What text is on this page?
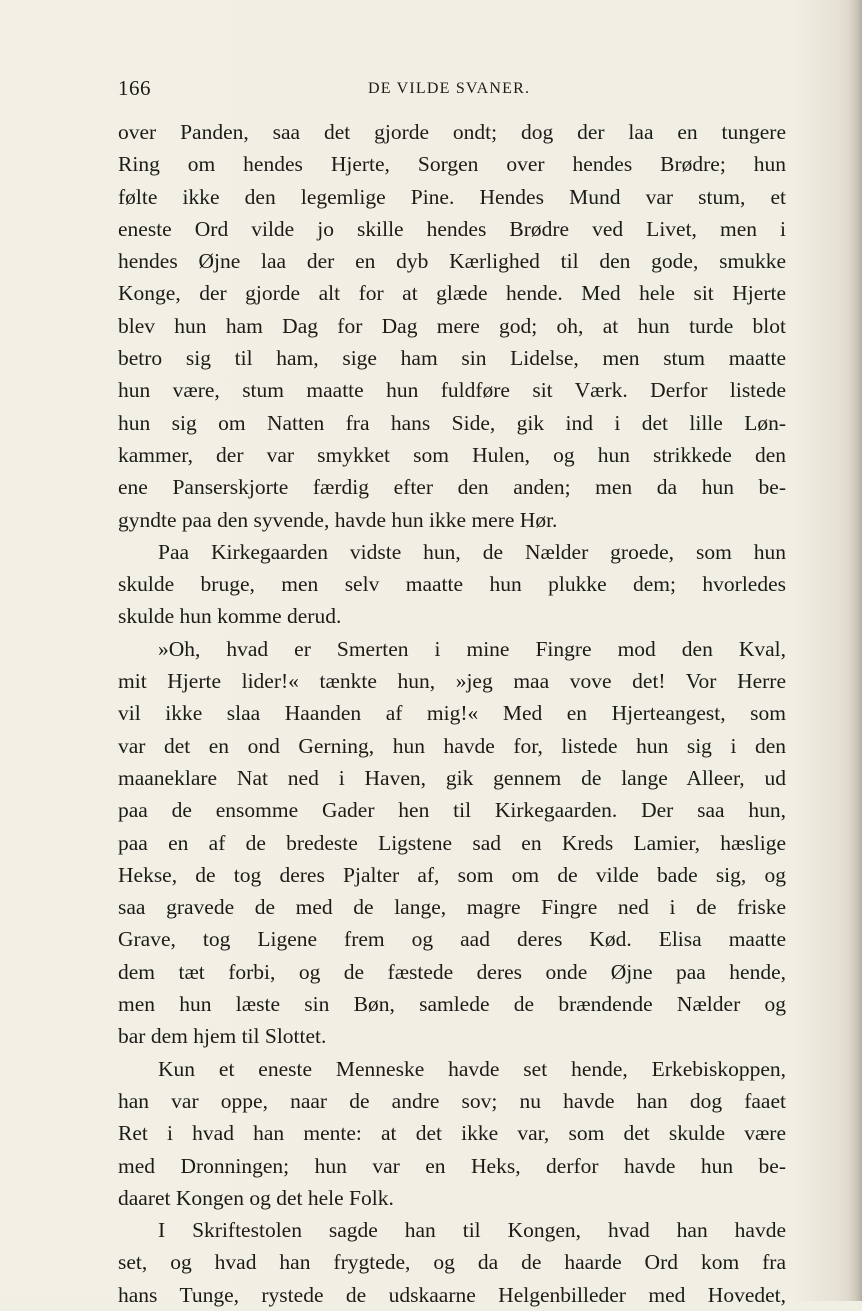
166	DE VILDE SVANER.
over Panden, saa det gjorde ondt; dog der laa en tungere
Ring om hendes Hjerte, Sorgen over hendes Brødre; hun
følte ikke den legemlige Pine. Hendes Mund var stum, et
eneste Ord vilde jo skille hendes Brødre ved Livet, men i
hendes Øjne laa der en dyb Kærlighed til den gode, smukke
Konge, der gjorde alt for at glæde hende. Med hele sit Hjerte
blev hun ham Dag for Dag mere god; oh, at hun turde blot
betro sig til ham, sige ham sin Lidelse, men stum maatte
hun være, stum maatte hun fuldføre sit Værk. Derfor listede
hun sig om Natten fra hans Side, gik ind i det lille Løn-
kammer, der var smykket som Hulen, og hun strikkede den
ene Panserskjorte færdig efter den anden; men da hun be-
gyndte paa den syvende, havde hun ikke mere Hør.
Paa Kirkegaarden vidste hun, de Nælder groede, som hun
skulde bruge, men selv maatte hun plukke dem; hvorledes
skulde hun komme derud.
»Oh, hvad er Smerten i mine Fingre mod den Kval,
mit Hjerte lider!« tænkte hun, »jeg maa vove det! Vor Herre
vil ikke slaa Haanden af mig!« Med en Hjerteangest, som
var det en ond Gerning, hun havde for, listede hun sig i den
maaneklare Nat ned i Haven, gik gennem de lange Alleer, ud
paa de ensomme Gader hen til Kirkegaarden. Der saa hun,
paa en af de bredeste Ligstene sad en Kreds Lamier, hæslige
Hekse, de tog deres Pjalter af, som om de vilde bade sig, og
saa gravede de med de lange, magre Fingre ned i de friske
Grave, tog Ligene frem og aad deres Kød. Elisa maatte
dem tæt forbi, og de fæstede deres onde Øjne paa hende,
men hun læste sin Bøn, samlede de brændende Nælder og
bar dem hjem til Slottet.
Kun et eneste Menneske havde set hende, Erkebiskoppen,
han var oppe, naar de andre sov; nu havde han dog faaet
Ret i hvad han mente: at det ikke var, som det skulde være
med Dronningen; hun var en Heks, derfor havde hun be-
daaret Kongen og det hele Folk.
I Skriftestolen sagde han til Kongen, hvad han havde
set, og hvad han frygtede, og da de haarde Ord kom fra
hans Tunge, rystede de udskaarne Helgenbilleder med Hovedet,
